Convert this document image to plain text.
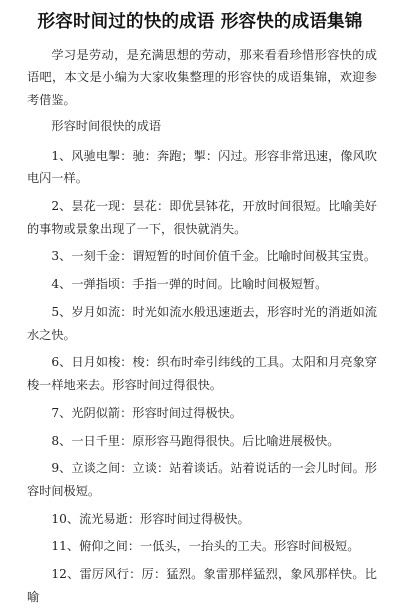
形容时间过的快的成语 形容快的成语集锦

学习是劳动，是充满思想的劳动，那来看看珍惜形容快的成语吧，本文是小编为大家收集整理的形容快的成语集锦，欢迎参考借鉴。

形容时间很快的成语

1、风驰电掣：驰：奔跑；掣：闪过。形容非常迅速，像风吹电闪一样。

2、昙花一现：昙花：即优昙钵花，开放时间很短。比喻美好的事物或景象出现了一下，很快就消失。

3、一刻千金：谓短暂的时间价值千金。比喻时间极其宝贵。

4、一弹指顷：手指一弹的时间。比喻时间极短暂。

5、岁月如流：时光如流水般迅速逝去，形容时光的消逝如流水之快。

6、日月如梭：梭：织布时牵引纬线的工具。太阳和月亮象穿梭一样地来去。形容时间过得很快。

7、光阴似箭：形容时间过得极快。

8、一日千里：原形容马跑得很快。后比喻进展极快。

9、立谈之间：立谈：站着谈话。站着说话的一会儿时间。形容时间极短。

10、流光易逝：形容时间过得极快。

11、俯仰之间：一低头，一抬头的工夫。形容时间极短。

12、雷厉风行：厉：猛烈。象雷那样猛烈，象风那样快。比喻
